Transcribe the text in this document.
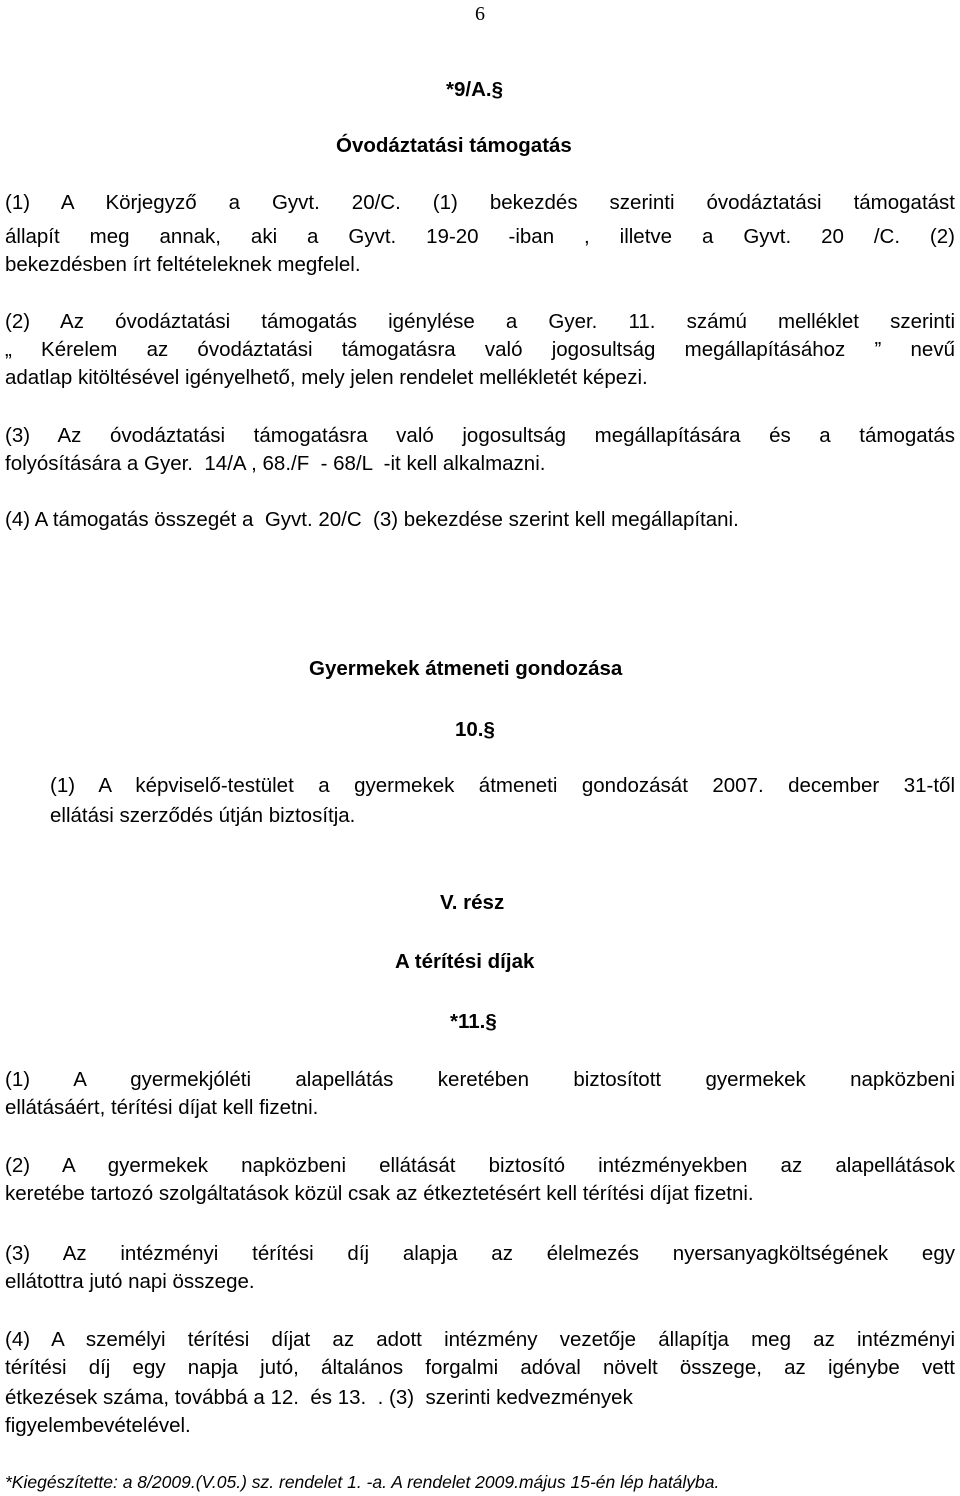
6
*9/A.§
Óvodáztatási támogatás
(1) A Körjegyző a Gyvt. 20/C. (1) bekezdés szerinti óvodáztatási támogatást
állapít meg annak, aki a Gyvt. 19-20 -iban , illetve a Gyvt. 20 /C. (2)
bekezdésben írt feltételeknek megfelel.
(2) Az óvodáztatási támogatás igénylése a Gyer. 11. számú melléklet szerinti
„ Kérelem az óvodáztatási támogatásra való jogosultság megállapításához ” nevű
adatlap kitöltésével igényelhető, mely jelen rendelet mellékletét képezi.
(3) Az óvodáztatási támogatásra való jogosultság megállapítására és a támogatás
folyósítására a Gyer.  14/A , 68./F  - 68/L  -it kell alkalmazni.
(4) A támogatás összegét a  Gyvt. 20/C  (3) bekezdése szerint kell megállapítani.
Gyermekek átmeneti gondozása
10.§
(1) A képviselő-testület a gyermekek átmeneti gondozását 2007. december 31-től
ellátási szerződés útján biztosítja.
V. rész
A térítési díjak
*11.§
(1) A gyermekjóléti alapellátás keretében biztosított gyermekek napközbeni
ellátásáért, térítési díjat kell fizetni.
(2) A gyermekek napközbeni ellátását biztosító intézményekben az alapellátások
keretébe tartozó szolgáltatások közül csak az étkeztetésért kell térítési díjat fizetni.
(3) Az intézményi térítési díj alapja az élelmezés nyersanyagköltségének egy
ellátottra jutó napi összege.
(4) A személyi térítési díjat az adott intézmény vezetője állapítja meg az intézményi
térítési díj egy napja jutó, általános forgalmi adóval növelt összege, az igénybe vett
étkezések száma, továbbá a 12.  és 13.  . (3)  szerinti kedvezmények
figyelembevételével.
*Kiegészítette: a 8/2009.(V.05.) sz. rendelet 1. -a. A rendelet 2009.május 15-én lép hatályba.
